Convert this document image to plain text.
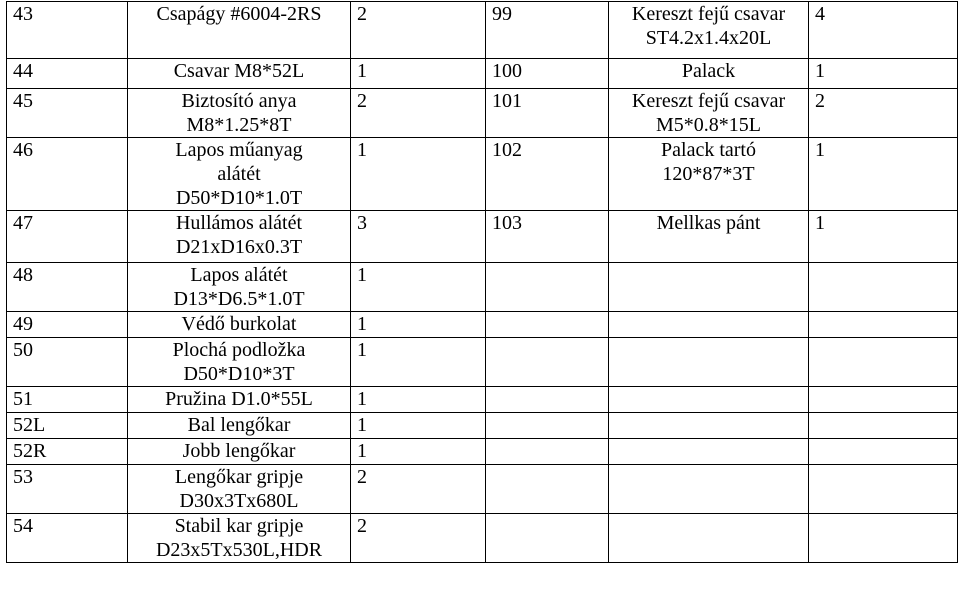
43	Csapágy #6004-2RS	2	99	Kereszt fejű csavar
ST4.2x1.4x20L	4
44	Csavar M8*52L	1	100	Palack	1
45	Biztosító anya
M8*1.25*8T	2	101	Kereszt fejű csavar
M5*0.8*15L	2
46	Lapos műanyag
alátét
D50*D10*1.0T	1	102	Palack tartó
120*87*3T	1
47	Hullámos alátét
D21xD16x0.3T	3	103	Mellkas pánt	1
48	Lapos alátét
D13*D6.5*1.0T	1			
49	Védő burkolat	1			
50	Plochá podložka
D50*D10*3T	1			
51	Pružina D1.0*55L	1			
52L	Bal lengőkar	1			
52R	Jobb lengőkar	1			
53	Lengőkar gripje
D30x3Tx680L	2			
54	Stabil kar gripje
D23x5Tx530L,HDR	2			
